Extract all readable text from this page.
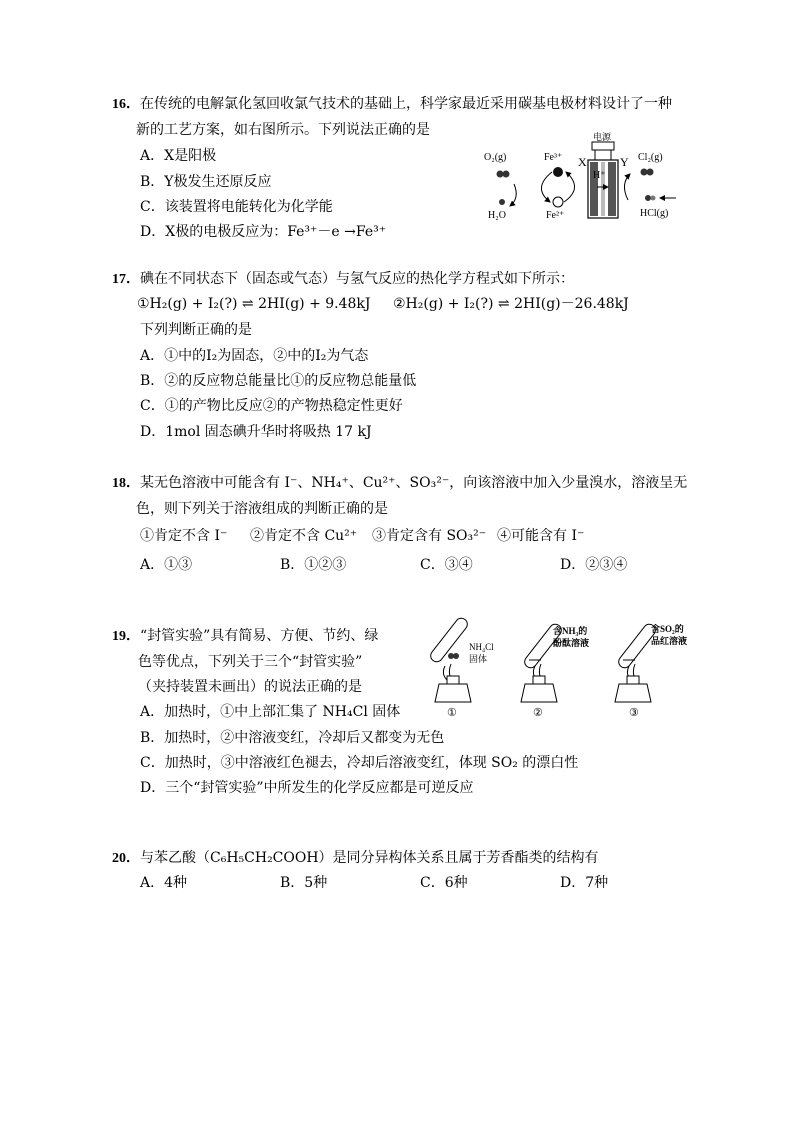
16．在传统的电解氯化氢回收氯气技术的基础上，科学家最近采用碳基电极材料设计了一种
新的工艺方案，如右图所示。下列说法正确的是
A．X是阳极
B．Y极发生还原反应
C．该装置将电能转化为化学能
D．X极的电极反应为：Fe³⁺－e →Fe³⁺
电源
H⁺
X	Y
O₂(g)
H₂O
Fe³⁺
Fe²⁺
Cl₂(g)
HCl(g)
17．碘在不同状态下（固态或气态）与氢气反应的热化学方程式如下所示：
①H₂(g) + I₂(?) ⇌ 2HI(g) + 9.48kJ ②H₂(g) + I₂(?) ⇌ 2HI(g)－26.48kJ
下列判断正确的是
A．①中的I₂为固态，②中的I₂为气态
B．②的反应物总能量比①的反应物总能量低
C．①的产物比反应②的产物热稳定性更好
D．1mol 固态碘升华时将吸热 17 kJ
18．某无色溶液中可能含有 I⁻、NH₄⁺、Cu²⁺、SO₃²⁻，向该溶液中加入少量溴水，溶液呈无
色，则下列关于溶液组成的判断正确的是
①肯定不含 I⁻ ②肯定不含 Cu²⁺ ③肯定含有 SO₃²⁻ ④可能含有 I⁻
A．①③	B．①②③	C．③④	D．②③④
19．“封管实验”具有简易、方便、节约、绿
色等优点，下列关于三个“封管实验”
（夹持装置未画出）的说法正确的是
A．加热时，①中上部汇集了 NH₄Cl 固体
B．加热时，②中溶液变红，冷却后又都变为无色
C．加热时，③中溶液红色褪去，冷却后溶液变红，体现 SO₂ 的漂白性
D．三个“封管实验”中所发生的化学反应都是可逆反应
NH₄Cl
固体
①
含NH₃的
酚酞溶液
②
含SO₂的
品红溶液
③
20．与苯乙酸（C₆H₅CH₂COOH）是同分异构体关系且属于芳香酯类的结构有
A．4种	B．5种	C．6种	D．7种
